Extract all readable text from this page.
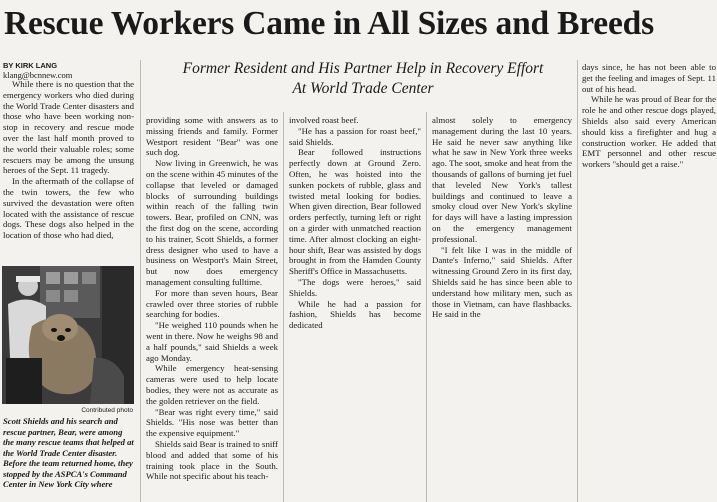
Rescue Workers Came in All Sizes and Breeds
BY KIRK LANG
klang@bcnnew.com	Former Resident and His Partner Help in Recovery Effort
At World Trade Center

While there is no question that the emergency workers who died during the World Trade Center disasters and those who have been working non-stop in recovery and rescue mode over the last half month proved to the world their valuable roles; some rescuers may be among the unsung heroes of the Sept. 11 tragedy.

In the aftermath of the collapse of the twin towers, the few who survived the devastation were often located with the assistance of rescue dogs. These dogs also helped in the location of those who had died,

Contributed photo
Scott Shields and his search and rescue partner, Bear, were among the many rescue teams that helped at the World Trade Center disaster. Before the team returned home, they stopped by the ASPCA's Command Center in New York City where

providing some with answers as to missing friends and family. Former Westport resident "Bear" was one such dog.

Now living in Greenwich, he was on the scene within 45 minutes of the collapse that leveled or damaged blocks of surrounding buildings within reach of the falling twin towers. Bear, profiled on CNN, was the first dog on the scene, according to his trainer, Scott Shields, a former dress designer who used to have a business on Westport's Main Street, but now does emergency management consulting fulltime.

For more than seven hours, Bear crawled over three stories of rubble searching for bodies.

"He weighed 110 pounds when he went in there. Now he weighs 98 and a half pounds," said Shields a week ago Monday.

While emergency heat-sensing cameras were used to help locate bodies, they were not as accurate as the golden retriever on the field.

"Bear was right every time," said Shields. "His nose was better than the expensive equipment."

Shields said Bear is trained to sniff blood and added that some of his training took place in the South. While not specific about his teach-

involved roast beef.

"He has a passion for roast beef," said Shields.

Bear followed instructions perfectly down at Ground Zero. Often, he was hoisted into the sunken pockets of rubble, glass and twisted metal looking for bodies. When given direction, Bear followed orders perfectly, turning left or right on a girder with unmatched reaction time. After almost clocking an eight-hour shift, Bear was assisted by dogs brought in from the Hamden County Sheriff's Office in Massachusetts.

"The dogs were heroes," said Shields.

While he had a passion for fashion, Shields has become dedicated

almost solely to emergency management during the last 10 years. He said he never saw anything like what he saw in New York three weeks ago. The soot, smoke and heat from the thousands of gallons of burning jet fuel that leveled New York's tallest buildings and continued to leave a smoky cloud over New York's skyline for days will have a lasting impression on the emergency management professional.

"I felt like I was in the middle of Dante's Inferno," said Shields. After witnessing Ground Zero in its first day, Shields said he has since been able to understand how military men, such as those in Vietnam, can have flashbacks. He said in the

days since, he has not been able to get the feeling and images of Sept. 11 out of his head.

While he was proud of Bear for the role he and other rescue dogs played, Shields also said every American should kiss a firefighter and hug a construction worker. He added that EMT personnel and other rescue workers "should get a raise."
